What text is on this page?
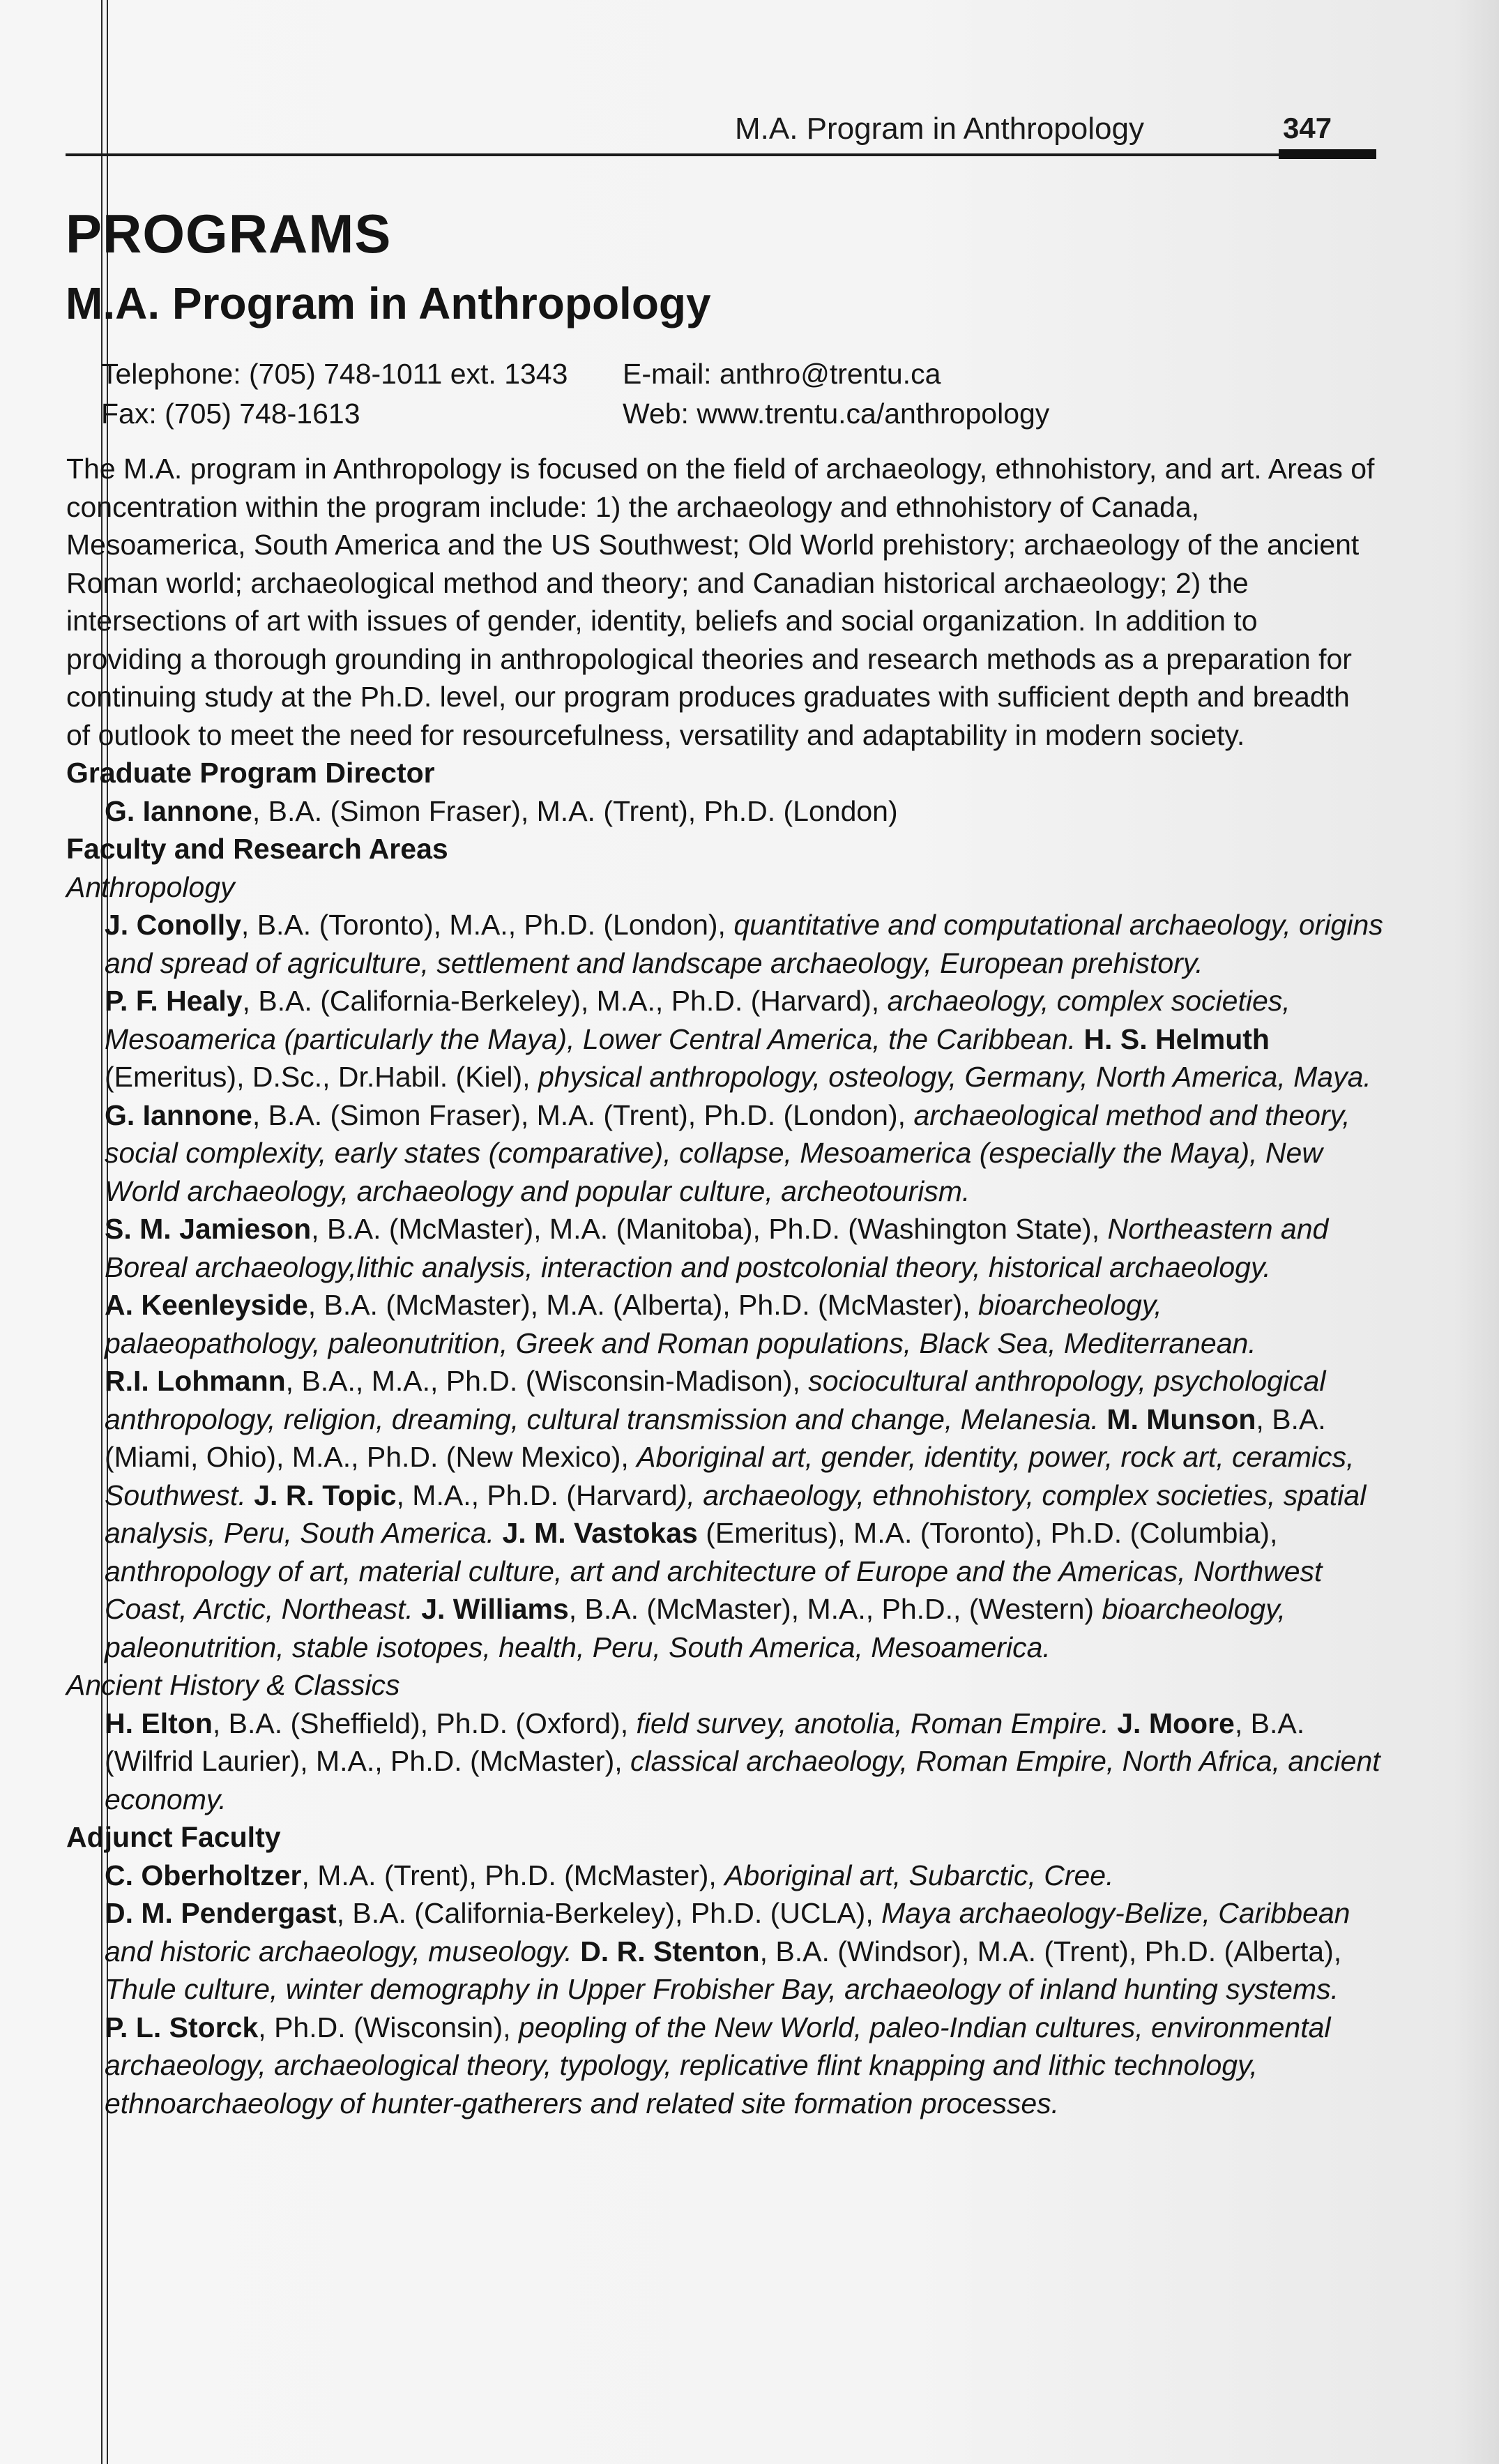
M.A. Program in Anthropology	347
PROGRAMS
M.A. Program in Anthropology
Telephone: (705) 748-1011 ext. 1343
Fax: (705) 748-1613
E-mail: anthro@trentu.ca
Web: www.trentu.ca/anthropology

The M.A. program in Anthropology is focused on the field of archaeology, ethnohistory, and art. Areas of concentration within the program include: 1) the archaeology and ethnohistory of Canada, Mesoamerica, South America and the US Southwest; Old World prehistory; archaeology of the ancient Roman world; archaeological method and theory; and Canadian historical archaeology; 2) the intersections of art with issues of gender, identity, beliefs and social organization. In addition to providing a thorough grounding in anthropological theories and research methods as a preparation for continuing study at the Ph.D. level, our program produces graduates with sufficient depth and breadth of outlook to meet the need for resourcefulness, versatility and adaptability in modern society.

Graduate Program Director

G. Iannone, B.A. (Simon Fraser), M.A. (Trent), Ph.D. (London)

Faculty and Research Areas

Anthropology

J. Conolly, B.A. (Toronto), M.A., Ph.D. (London), quantitative and computational archaeology, origins and spread of agriculture, settlement and landscape archaeology, European prehistory.
P. F. Healy, B.A. (California-Berkeley), M.A., Ph.D. (Harvard), archaeology, complex societies, Mesoamerica (particularly the Maya), Lower Central America, the Caribbean. H. S. Helmuth (Emeritus), D.Sc., Dr.Habil. (Kiel), physical anthropology, osteology, Germany, North America, Maya. G. Iannone, B.A. (Simon Fraser), M.A. (Trent), Ph.D. (London), archaeological method and theory, social complexity, early states (comparative), collapse, Mesoamerica (especially the Maya), New World archaeology, archaeology and popular culture, archeotourism.
S. M. Jamieson, B.A. (McMaster), M.A. (Manitoba), Ph.D. (Washington State), Northeastern and Boreal archaeology,lithic analysis, interaction and postcolonial theory, historical archaeology.
A. Keenleyside, B.A. (McMaster), M.A. (Alberta), Ph.D. (McMaster), bioarcheology, palaeopathology, paleonutrition, Greek and Roman populations, Black Sea, Mediterranean.
R.I. Lohmann, B.A., M.A., Ph.D. (Wisconsin-Madison), sociocultural anthropology, psychological anthropology, religion, dreaming, cultural transmission and change, Melanesia. M. Munson, B.A. (Miami, Ohio), M.A., Ph.D. (New Mexico), Aboriginal art, gender, identity, power, rock art, ceramics, Southwest. J. R. Topic, M.A., Ph.D. (Harvard), archaeology, ethnohistory, complex societies, spatial analysis, Peru, South America. J. M. Vastokas (Emeritus), M.A. (Toronto), Ph.D. (Columbia), anthropology of art, material culture, art and architecture of Europe and the Americas, Northwest Coast, Arctic, Northeast. J. Williams, B.A. (McMaster), M.A., Ph.D., (Western) bioarcheology, paleonutrition, stable isotopes, health, Peru, South America, Mesoamerica.

Ancient History & Classics

H. Elton, B.A. (Sheffield), Ph.D. (Oxford), field survey, anotolia, Roman Empire. J. Moore, B.A. (Wilfrid Laurier), M.A., Ph.D. (McMaster), classical archaeology, Roman Empire, North Africa, ancient economy.

Adjunct Faculty

C. Oberholtzer, M.A. (Trent), Ph.D. (McMaster), Aboriginal art, Subarctic, Cree.
D. M. Pendergast, B.A. (California-Berkeley), Ph.D. (UCLA), Maya archaeology-Belize, Caribbean and historic archaeology, museology. D. R. Stenton, B.A. (Windsor), M.A. (Trent), Ph.D. (Alberta), Thule culture, winter demography in Upper Frobisher Bay, archaeology of inland hunting systems.
P. L. Storck, Ph.D. (Wisconsin), peopling of the New World, paleo-Indian cultures, environmental archaeology, archaeological theory, typology, replicative flint knapping and lithic technology, ethnoarchaeology of hunter-gatherers and related site formation processes.
